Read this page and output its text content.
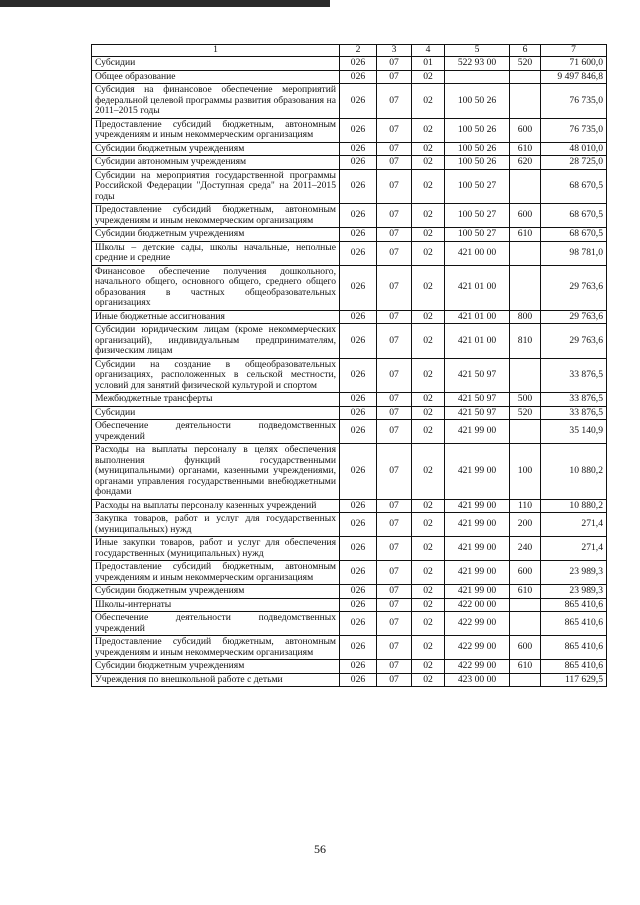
1	2	3	4	5	6	7
Субсидии	026	07	01	522 93 00	520	71 600,0
Общее образование	026	07	02			9 497 846,8
Субсидия на финансовое обеспечение мероприятий федеральной целевой программы развития образования на 2011–2015 годы	026	07	02	100 50 26		76 735,0
Предоставление субсидий бюджетным, автономным учреждениям и иным некоммерческим организациям	026	07	02	100 50 26	600	76 735,0
Субсидии бюджетным учреждениям	026	07	02	100 50 26	610	48 010,0
Субсидии автономным учреждениям	026	07	02	100 50 26	620	28 725,0
Субсидии на мероприятия государственной программы Российской Федерации "Доступная среда" на 2011–2015 годы	026	07	02	100 50 27		68 670,5
Предоставление субсидий бюджетным, автономным учреждениям и иным некоммерческим организациям	026	07	02	100 50 27	600	68 670,5
Субсидии бюджетным учреждениям	026	07	02	100 50 27	610	68 670,5
Школы – детские сады, школы начальные, неполные средние и средние	026	07	02	421 00 00		98 781,0
Финансовое обеспечение получения дошкольного, начального общего, основного общего, среднего общего образования в частных общеобразовательных организациях	026	07	02	421 01 00		29 763,6
Иные бюджетные ассигнования	026	07	02	421 01 00	800	29 763,6
Субсидии юридическим лицам (кроме некоммерческих организаций), индивидуальным предпринимателям, физическим лицам	026	07	02	421 01 00	810	29 763,6
Субсидии на создание в общеобразовательных организациях, расположенных в сельской местности, условий для занятий физической культурой и спортом	026	07	02	421 50 97		33 876,5
Межбюджетные трансферты	026	07	02	421 50 97	500	33 876,5
Субсидии	026	07	02	421 50 97	520	33 876,5
Обеспечение деятельности подведомственных учреждений	026	07	02	421 99 00		35 140,9
Расходы на выплаты персоналу в целях обеспечения выполнения функций государственными (муниципальными) органами, казенными учреждениями, органами управления государственными внебюджетными фондами	026	07	02	421 99 00	100	10 880,2
Расходы на выплаты персоналу казенных учреждений	026	07	02	421 99 00	110	10 880,2
Закупка товаров, работ и услуг для государственных (муниципальных) нужд	026	07	02	421 99 00	200	271,4
Иные закупки товаров, работ и услуг для обеспечения государственных (муниципальных) нужд	026	07	02	421 99 00	240	271,4
Предоставление субсидий бюджетным, автономным учреждениям и иным некоммерческим организациям	026	07	02	421 99 00	600	23 989,3
Субсидии бюджетным учреждениям	026	07	02	421 99 00	610	23 989,3
Школы-интернаты	026	07	02	422 00 00		865 410,6
Обеспечение деятельности подведомственных учреждений	026	07	02	422 99 00		865 410,6
Предоставление субсидий бюджетным, автономным учреждениям и иным некоммерческим организациям	026	07	02	422 99 00	600	865 410,6
Субсидии бюджетным учреждениям	026	07	02	422 99 00	610	865 410,6
Учреждения по внешкольной работе с детьми	026	07	02	423 00 00		117 629,5
56
